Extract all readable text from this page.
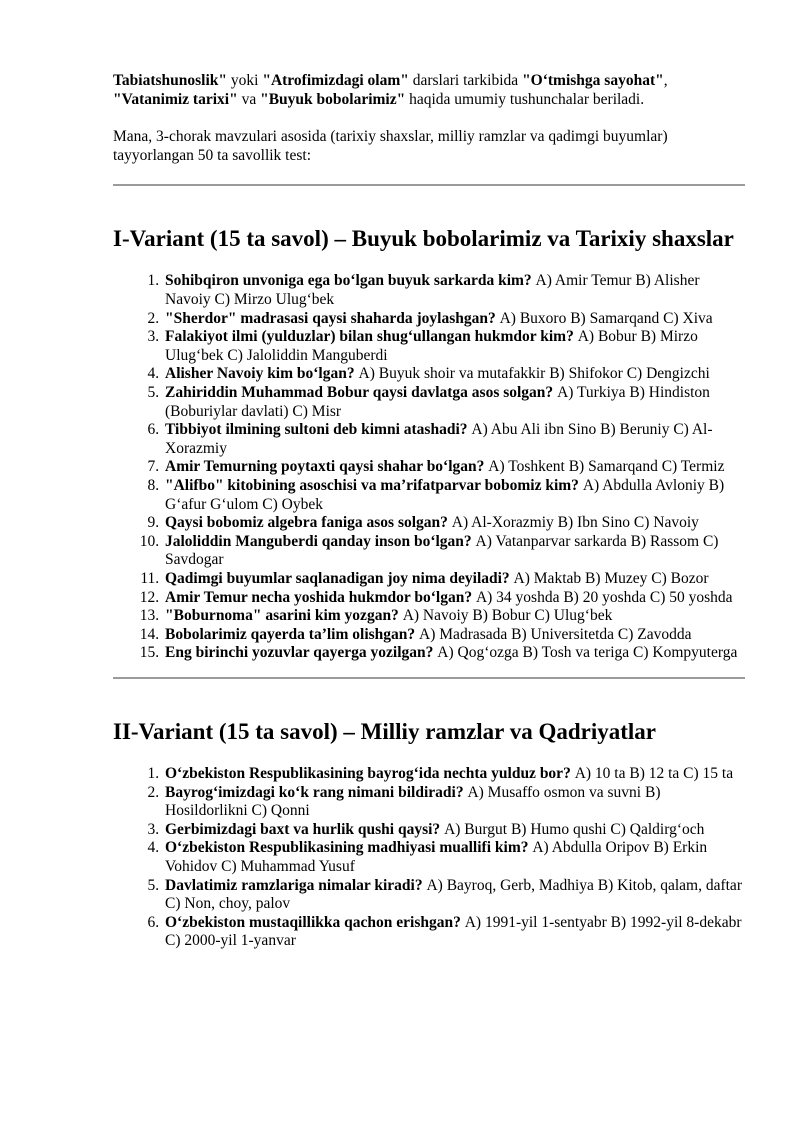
Tabiatshunoslik" yoki "Atrofimizdagi olam" darslari tarkibida "O‘tmishga sayohat", "Vatanimiz tarixi" va "Buyuk bobolarimiz" haqida umumiy tushunchalar beriladi.

Mana, 3-chorak mavzulari asosida (tarixiy shaxslar, milliy ramzlar va qadimgi buyumlar) tayyorlangan 50 ta savollik test:

I-Variant (15 ta savol) – Buyuk bobolarimiz va Tarixiy shaxslar
1. Sohibqiron unvoniga ega bo‘lgan buyuk sarkarda kim? A) Amir Temur B) Alisher Navoiy C) Mirzo Ulug‘bek
2. "Sherdor" madrasasi qaysi shaharda joylashgan? A) Buxoro B) Samarqand C) Xiva
3. Falakiyot ilmi (yulduzlar) bilan shug‘ullangan hukmdor kim? A) Bobur B) Mirzo Ulug‘bek C) Jaloliddin Manguberdi
4. Alisher Navoiy kim bo‘lgan? A) Buyuk shoir va mutafakkir B) Shifokor C) Dengizchi
5. Zahiriddin Muhammad Bobur qaysi davlatga asos solgan? A) Turkiya B) Hindiston (Boburiylar davlati) C) Misr
6. Tibbiyot ilmining sultoni deb kimni atashadi? A) Abu Ali ibn Sino B) Beruniy C) Al-Xorazmiy
7. Amir Temurning poytaxti qaysi shahar bo‘lgan? A) Toshkent B) Samarqand C) Termiz
8. "Alifbo" kitobining asoschisi va ma’rifatparvar bobomiz kim? A) Abdulla Avloniy B) G‘afur G‘ulom C) Oybek
9. Qaysi bobomiz algebra faniga asos solgan? A) Al-Xorazmiy B) Ibn Sino C) Navoiy
10. Jaloliddin Manguberdi qanday inson bo‘lgan? A) Vatanparvar sarkarda B) Rassom C) Savdogar
11. Qadimgi buyumlar saqlanadigan joy nima deyiladi? A) Maktab B) Muzey C) Bozor
12. Amir Temur necha yoshida hukmdor bo‘lgan? A) 34 yoshda B) 20 yoshda C) 50 yoshda
13. "Boburnoma" asarini kim yozgan? A) Navoiy B) Bobur C) Ulug‘bek
14. Bobolarimiz qayerda ta’lim olishgan? A) Madrasada B) Universitetda C) Zavodda
15. Eng birinchi yozuvlar qayerga yozilgan? A) Qog‘ozga B) Tosh va teriga C) Kompyuterga
II-Variant (15 ta savol) – Milliy ramzlar va Qadriyatlar
1. O‘zbekiston Respublikasining bayrog‘ida nechta yulduz bor? A) 10 ta B) 12 ta C) 15 ta
2. Bayrog‘imizdagi ko‘k rang nimani bildiradi? A) Musaffo osmon va suvni B) Hosildorlikni C) Qonni
3. Gerbimizdagi baxt va hurlik qushi qaysi? A) Burgut B) Humo qushi C) Qaldirg‘och
4. O‘zbekiston Respublikasining madhiyasi muallifi kim? A) Abdulla Oripov B) Erkin Vohidov C) Muhammad Yusuf
5. Davlatimiz ramzlariga nimalar kiradi? A) Bayroq, Gerb, Madhiya B) Kitob, qalam, daftar C) Non, choy, palov
6. O‘zbekiston mustaqillikka qachon erishgan? A) 1991-yil 1-sentyabr B) 1992-yil 8-dekabr C) 2000-yil 1-yanvar
